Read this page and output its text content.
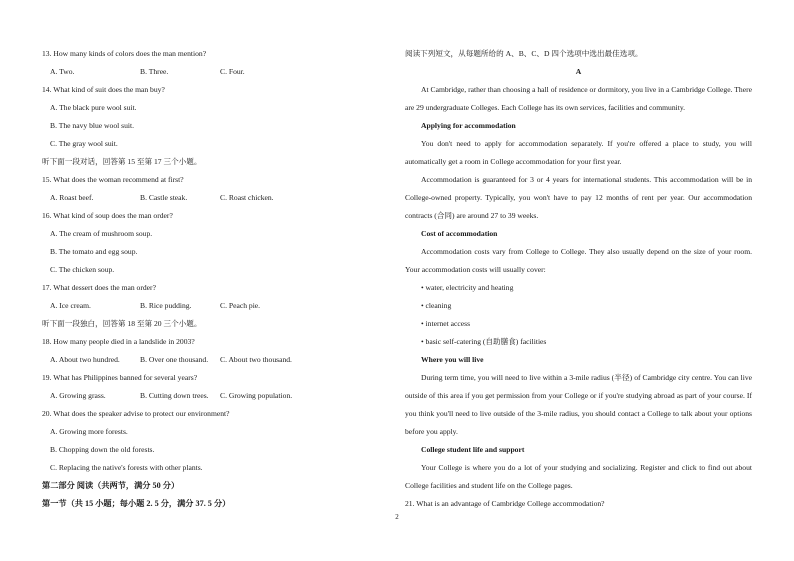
13. How many kinds of colors does the man mention?
A. Two.	B. Three.	C. Four.
14. What kind of suit does the man buy?
A. The black pure wool suit.
B. The navy blue wool suit.
C. The gray wool suit.
听下面一段对话，回答第 15 至第 17 三个小题。
15. What does the woman recommend at first?
A. Roast beef.	B. Castle steak.	C. Roast chicken.
16. What kind of soup does the man order?
A. The cream of mushroom soup.
B. The tomato and egg soup.
C. The chicken soup.
17. What dessert does the man order?
A. Ice cream.	B. Rice pudding.	C. Peach pie.
听下面一段独白，回答第 18 至第 20 三个小题。
18. How many people died in a landslide in 2003?
A. About two hundred.	B. Over one thousand.	C. About two thousand.
19. What has Philippines banned for several years?
A. Growing grass.	B. Cutting down trees.	C. Growing population.
20. What does the speaker advise to protect our environment?
A. Growing more forests.
B. Chopping down the old forests.
C. Replacing the native's forests with other plants.
第二部分 阅读（共两节，满分 50 分）
第一节（共 15 小题；每小题 2. 5 分，满分 37. 5 分）
阅读下列短文，从每题所给的 A、B、C、D 四个选项中选出最佳选项。
A
At Cambridge, rather than choosing a hall of residence or dormitory, you live in a Cambridge College. There are 29 undergraduate Colleges. Each College has its own services, facilities and community.
Applying for accommodation
You don't need to apply for accommodation separately. If you're offered a place to study, you will automatically get a room in College accommodation for your first year.
Accommodation is guaranteed for 3 or 4 years for international students. This accommodation will be in College-owned property. Typically, you won't have to pay 12 months of rent per year. Our accommodation contracts (合同) are around 27 to 39 weeks.
Cost of accommodation
Accommodation costs vary from College to College. They also usually depend on the size of your room. Your accommodation costs will usually cover:
• water, electricity and heating
• cleaning
• internet access
• basic self-catering (自助膳食) facilities
Where you will live
During term time, you will need to live within a 3-mile radius (半径) of Cambridge city centre. You can live outside of this area if you get permission from your College or if you're studying abroad as part of your course. If you think you'll need to live outside of the 3-mile radius, you should contact a College to talk about your options before you apply.
College student life and support
Your College is where you do a lot of your studying and socializing. Register and click to find out about College facilities and student life on the College pages.
21. What is an advantage of Cambridge College accommodation?
2
